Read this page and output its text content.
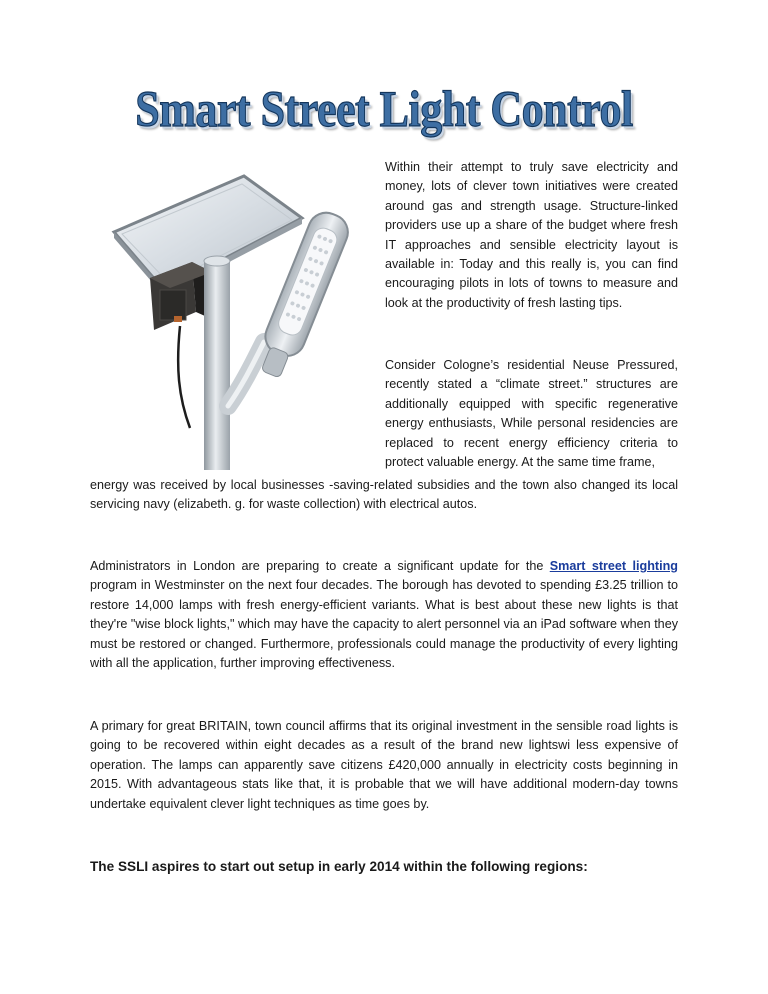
Smart Street Light Control

Within their attempt to truly save electricity and money, lots of clever town initiatives were created around gas and strength usage. Structure-linked providers use up a share of the budget where fresh IT approaches and sensible electricity layout is available in: Today and this really is, you can find encouraging pilots in lots of towns to measure and look at the productivity of fresh lasting tips.

Consider Cologne’s residential Neuse Pressured, recently stated a “climate street.” structures are additionally equipped with specific regenerative energy enthusiasts, While personal residencies are replaced to recent energy efficiency criteria to protect valuable energy. At the same time frame,

energy was received by local businesses -saving-related subsidies and the town also changed its local servicing navy (elizabeth. g. for waste collection) with electrical autos.

Administrators in London are preparing to create a significant update for the Smart street lighting program in Westminster on the next four decades. The borough has devoted to spending £3.25 trillion to restore 14,000 lamps with fresh energy-efficient variants. What is best about these new lights is that they're "wise block lights," which may have the capacity to alert personnel via an iPad software when they must be restored or changed. Furthermore, professionals could manage the productivity of every lighting with all the application, further improving effectiveness.

A primary for great BRITAIN, town council affirms that its original investment in the sensible road lights is going to be recovered within eight decades as a result of the brand new lightswi less expensive of operation. The lamps can apparently save citizens £420,000 annually in electricity costs beginning in 2015. With advantageous stats like that, it is probable that we will have additional modern-day towns undertake equivalent clever light techniques as time goes by.

The SSLI aspires to start out setup in early 2014 within the following regions:
